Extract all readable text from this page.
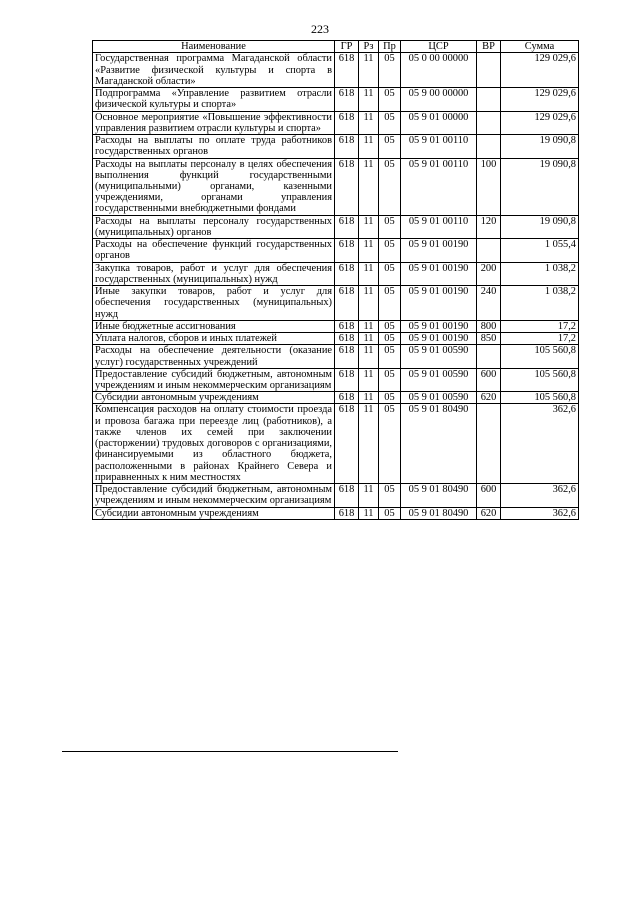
223
Наименование	ГР	Рз	Пр	ЦСР	ВР	Сумма
Государственная программа Магаданской области «Развитие физической культуры и спорта в Магаданской области»	618	11	05	05 0 00 00000		129 029,6
Подпрограмма «Управление развитием отрасли физической культуры и спорта»	618	11	05	05 9 00 00000		129 029,6
Основное мероприятие «Повышение эффективности управления развитием отрасли культуры и спорта»	618	11	05	05 9 01 00000		129 029,6
Расходы на выплаты по оплате труда работников государственных органов	618	11	05	05 9 01 00110		19 090,8
Расходы на выплаты персоналу в целях обеспечения выполнения функций государственными (муниципальными) органами, казенными учреждениями, органами управления государственными внебюджетными фондами	618	11	05	05 9 01 00110	100	19 090,8
Расходы на выплаты персоналу государственных (муниципальных) органов	618	11	05	05 9 01 00110	120	19 090,8
Расходы на обеспечение функций государственных органов	618	11	05	05 9 01 00190		1 055,4
Закупка товаров, работ и услуг для обеспечения государственных (муниципальных) нужд	618	11	05	05 9 01 00190	200	1 038,2
Иные закупки товаров, работ и услуг для обеспечения государственных (муниципальных) нужд	618	11	05	05 9 01 00190	240	1 038,2
Иные бюджетные ассигнования	618	11	05	05 9 01 00190	800	17,2
Уплата налогов, сборов и иных платежей	618	11	05	05 9 01 00190	850	17,2
Расходы на обеспечение деятельности (оказание услуг) государственных учреждений	618	11	05	05 9 01 00590		105 560,8
Предоставление субсидий бюджетным, автономным учреждениям и иным некоммерческим организациям	618	11	05	05 9 01 00590	600	105 560,8
Субсидии автономным учреждениям	618	11	05	05 9 01 00590	620	105 560,8
Компенсация расходов на оплату стоимости проезда и провоза багажа при переезде лиц (работников), а также членов их семей при заключении (расторжении) трудовых договоров с организациями, финансируемыми из областного бюджета, расположенными в районах Крайнего Севера и приравненных к ним местностях	618	11	05	05 9 01 80490		362,6
Предоставление субсидий бюджетным, автономным учреждениям и иным некоммерческим организациям	618	11	05	05 9 01 80490	600	362,6
Субсидии автономным учреждениям	618	11	05	05 9 01 80490	620	362,6
